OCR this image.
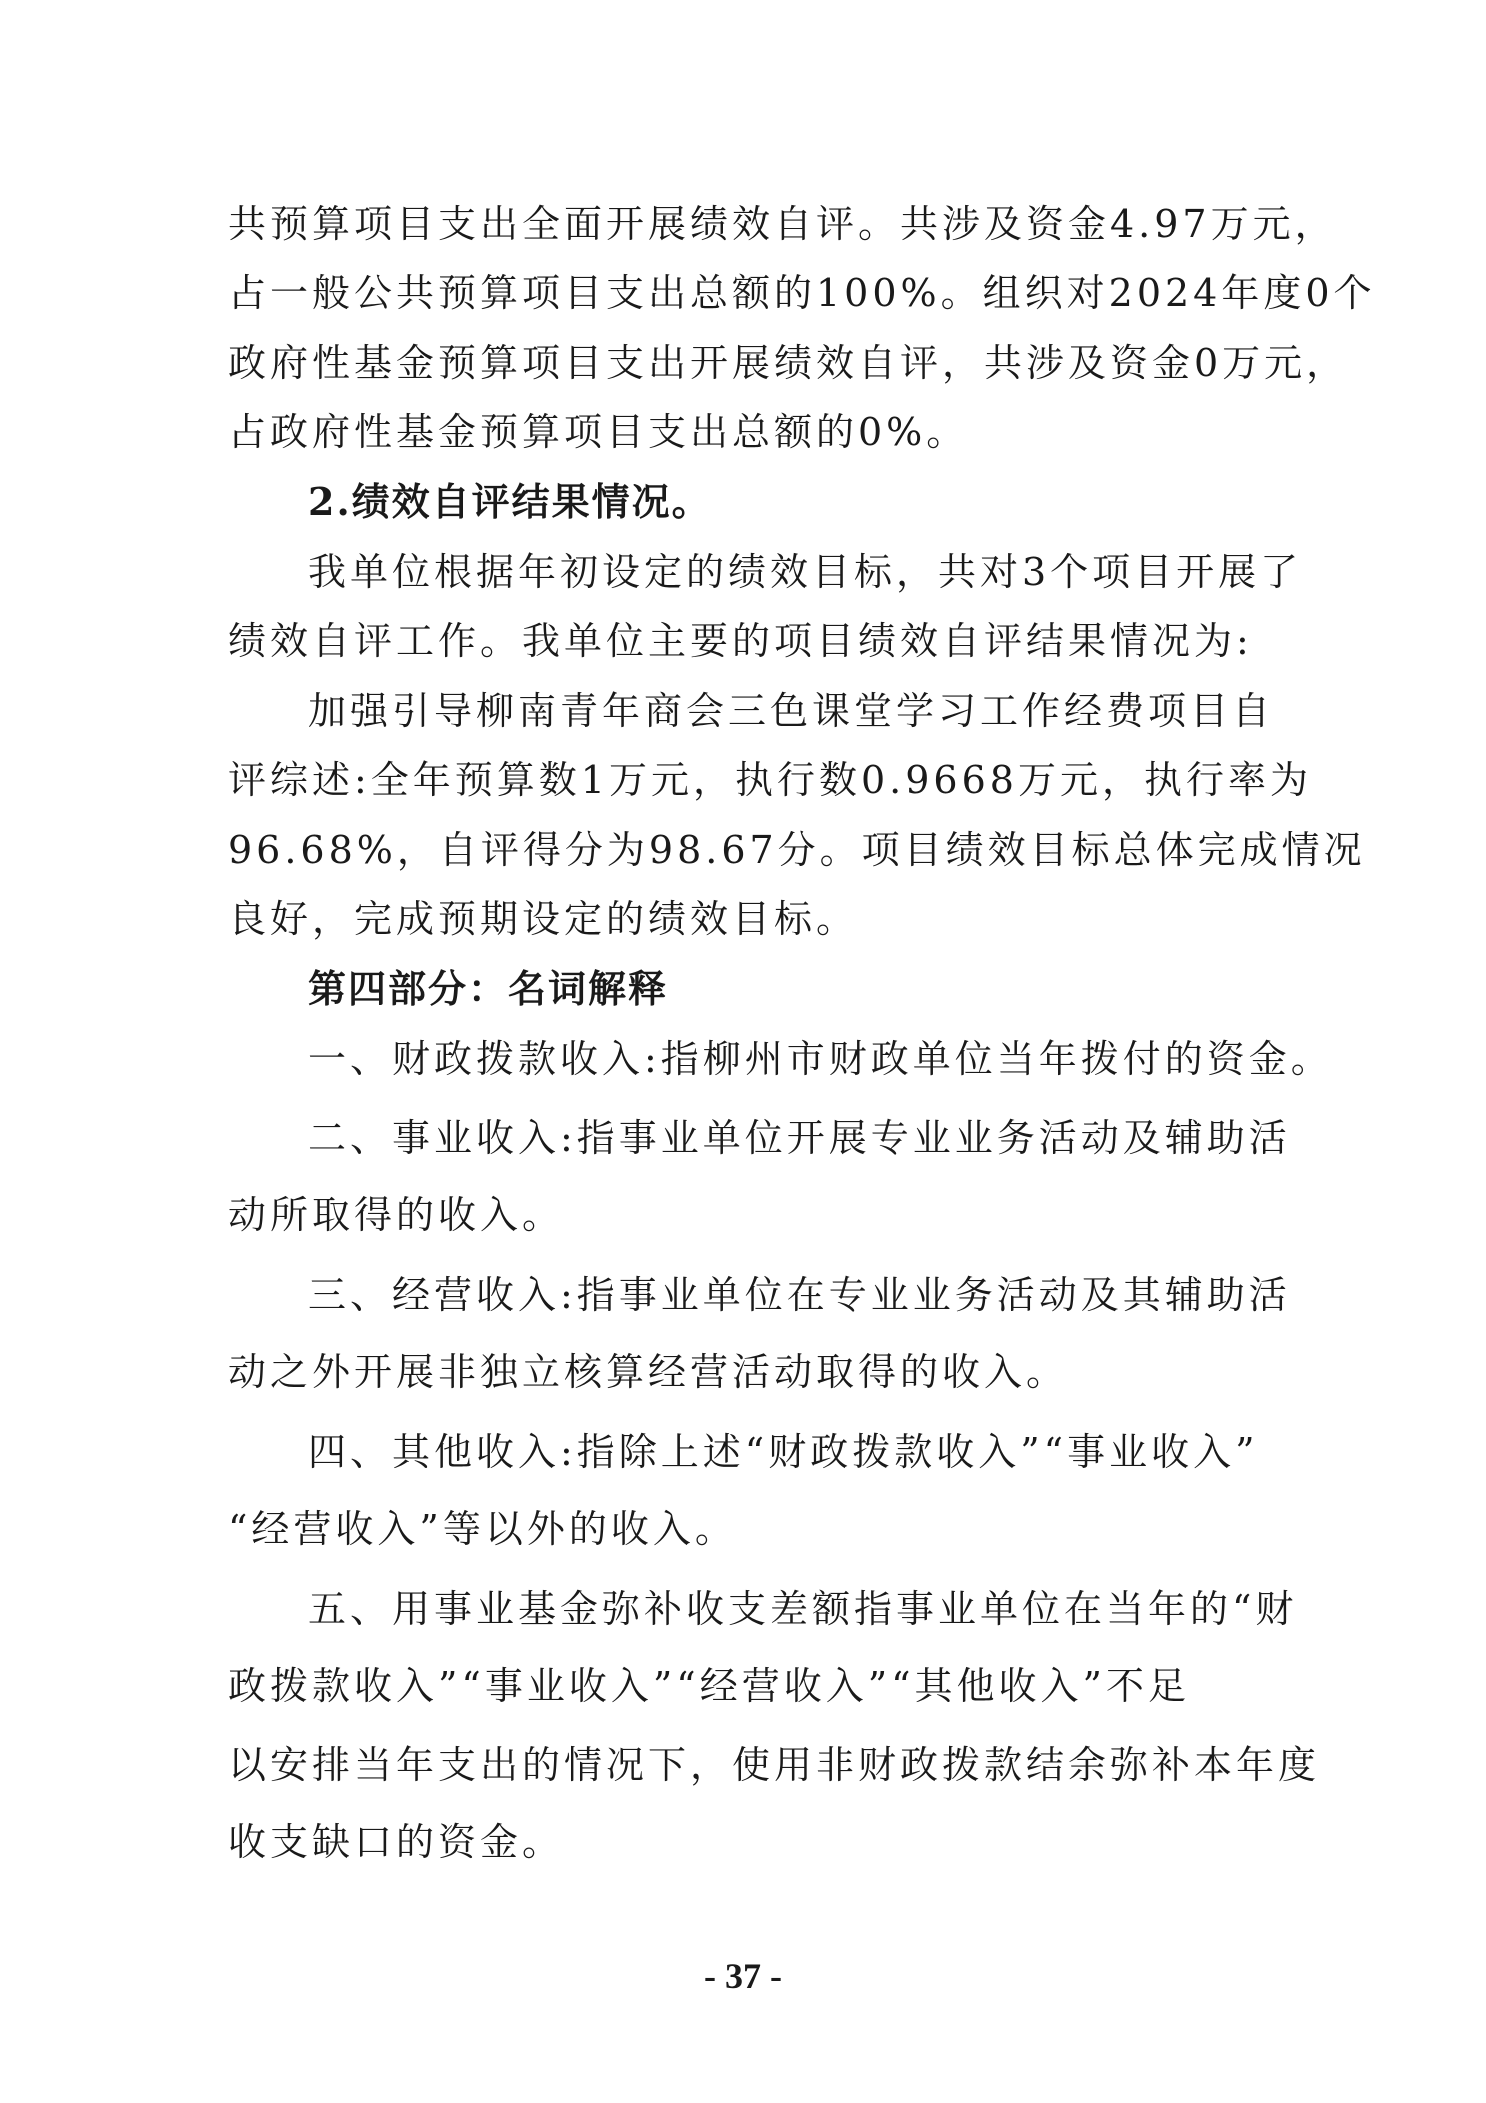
共预算项目支出全面开展绩效自评。共涉及资金4.97万元，
占一般公共预算项目支出总额的100%。组织对2024年度0个
政府性基金预算项目支出开展绩效自评，共涉及资金0万元，
占政府性基金预算项目支出总额的0%。
2.绩效自评结果情况。
我单位根据年初设定的绩效目标，共对3个项目开展了
绩效自评工作。我单位主要的项目绩效自评结果情况为:
加强引导柳南青年商会三色课堂学习工作经费项目自
评综述:全年预算数1万元，执行数0.9668万元，执行率为
96.68%，自评得分为98.67分。项目绩效目标总体完成情况
良好，完成预期设定的绩效目标。
第四部分：名词解释
一、财政拨款收入:指柳州市财政单位当年拨付的资金。
二、事业收入:指事业单位开展专业业务活动及辅助活
动所取得的收入。
三、经营收入:指事业单位在专业业务活动及其辅助活
动之外开展非独立核算经营活动取得的收入。
四、其他收入:指除上述“财政拨款收入”“事业收入”
“经营收入”等以外的收入。
五、用事业基金弥补收支差额指事业单位在当年的“财
政拨款收入”“事业收入”“经营收入”“其他收入”不足
以安排当年支出的情况下，使用非财政拨款结余弥补本年度
收支缺口的资金。
- 37 -
